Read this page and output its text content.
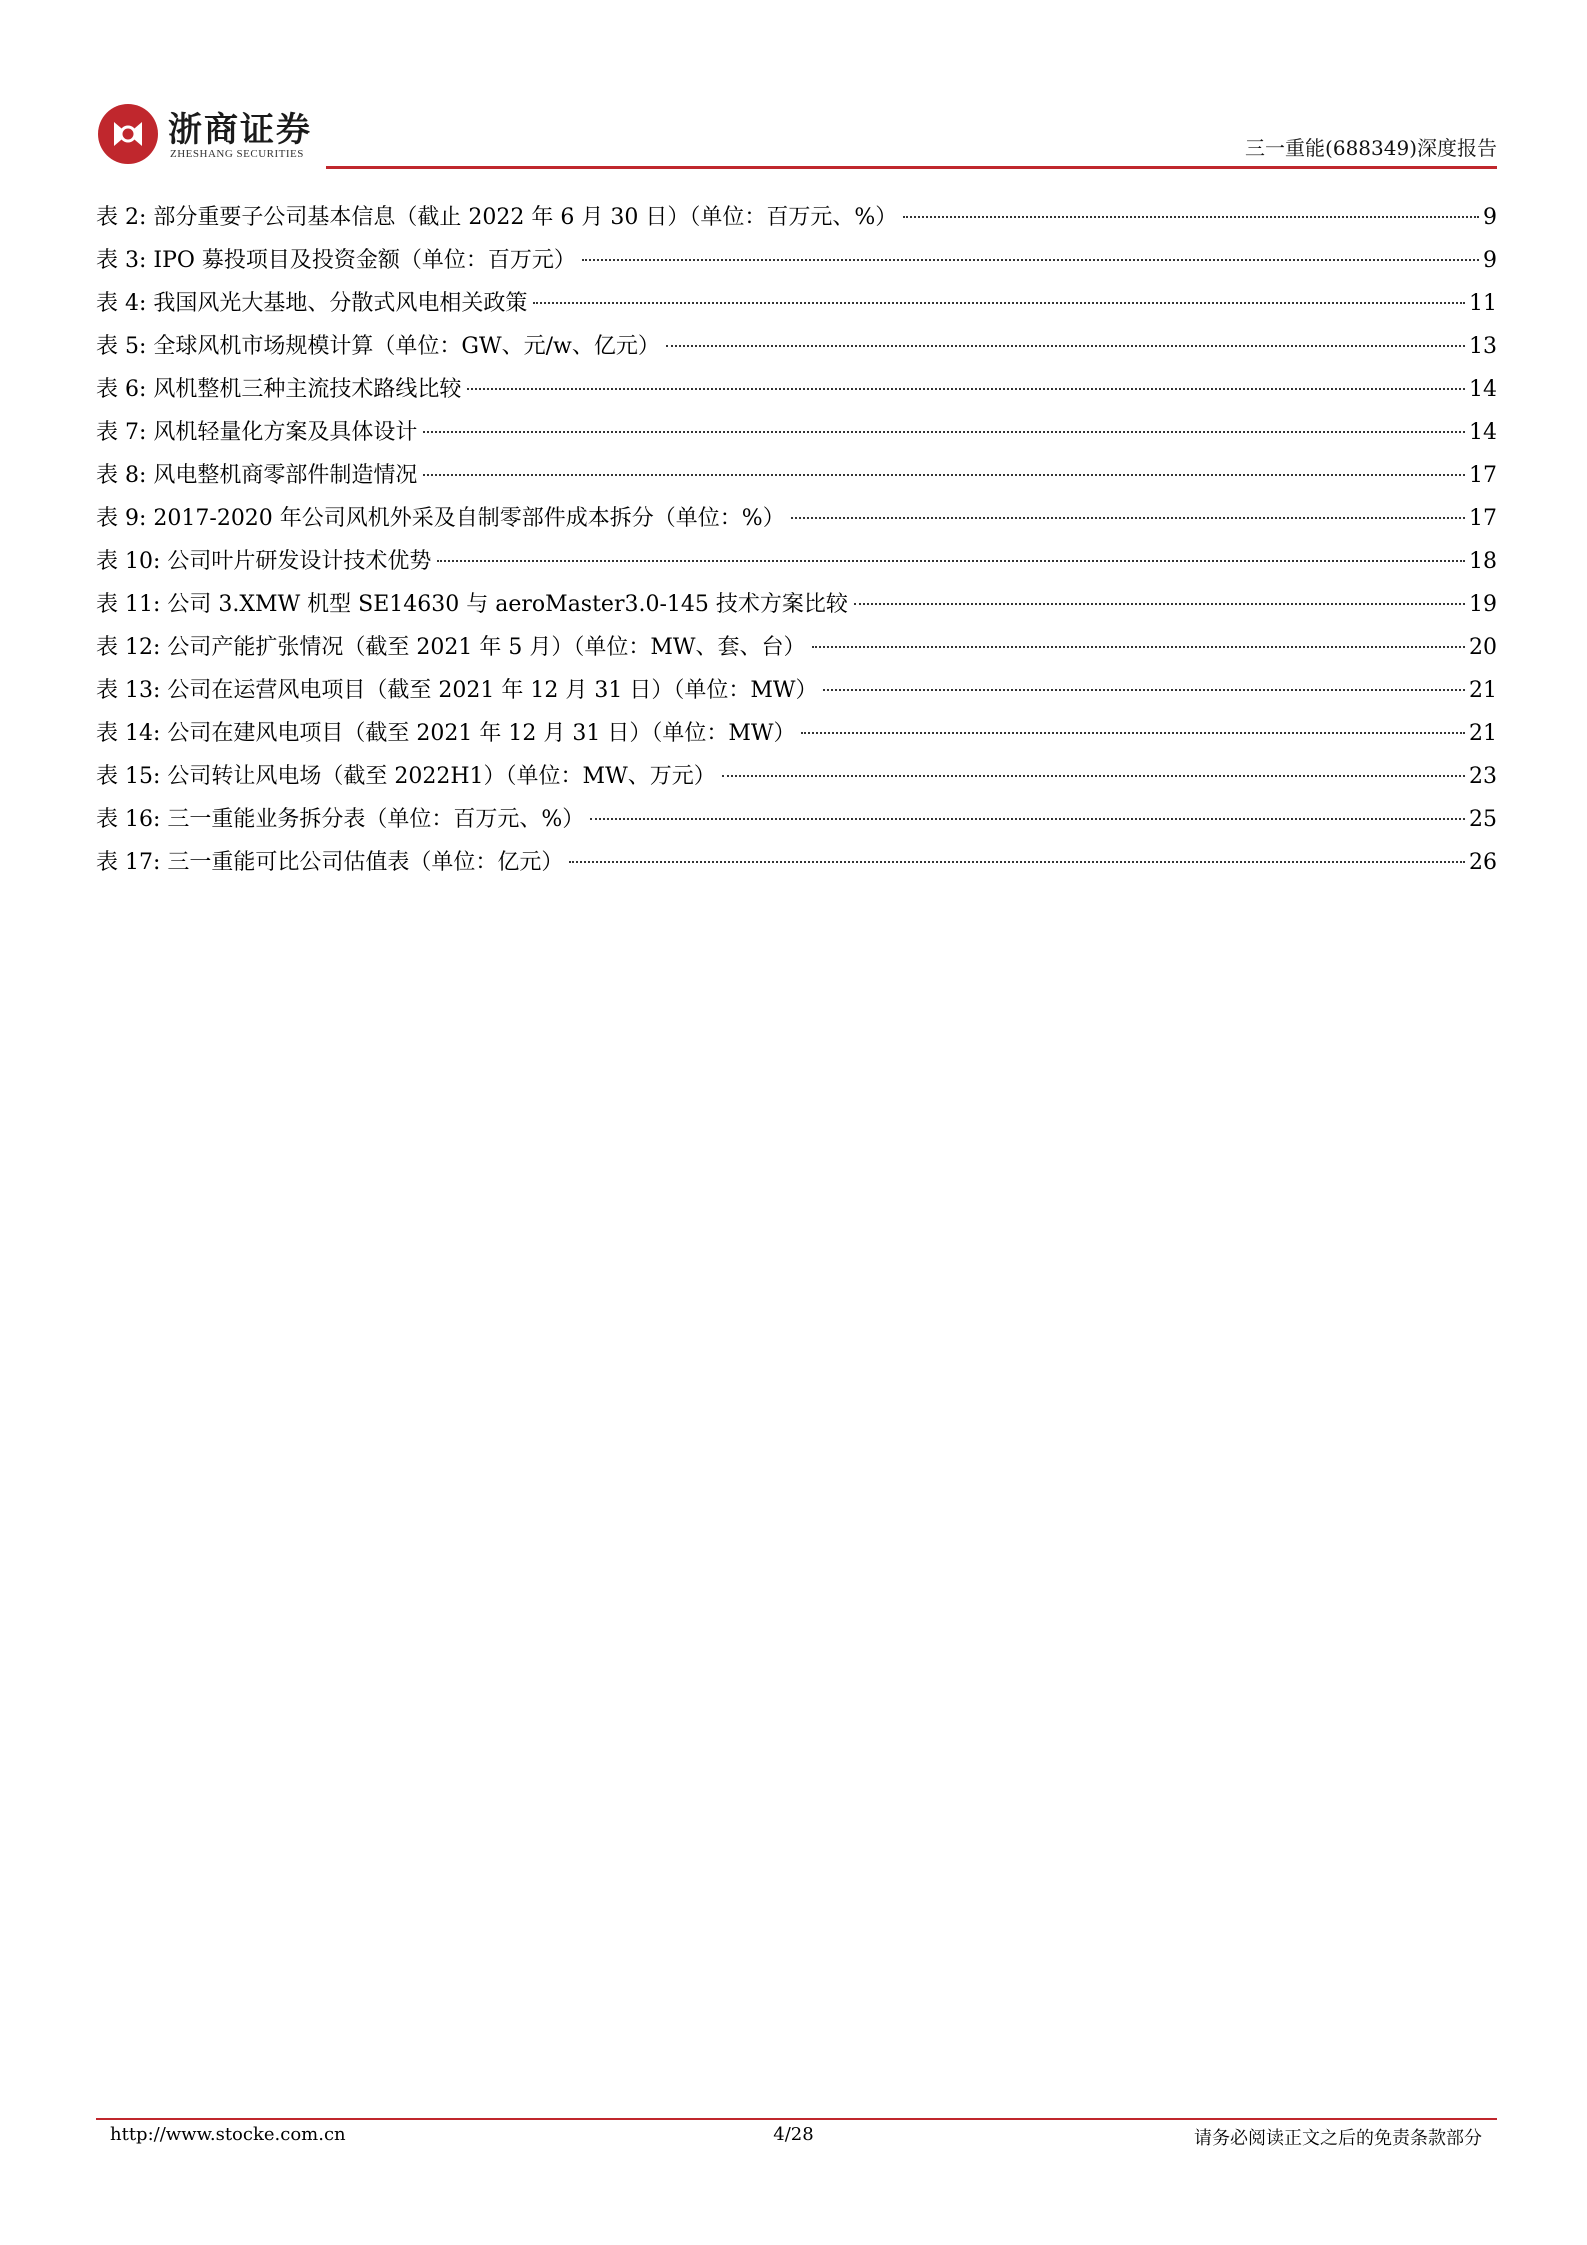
浙商证券
ZHESHANG SECURITIES	三一重能(688349)深度报告
表 2: 部分重要子公司基本信息（截止 2022 年 6 月 30 日）（单位：百万元、%）	9
表 3: IPO 募投项目及投资金额（单位：百万元）	9
表 4: 我国风光大基地、分散式风电相关政策	11
表 5: 全球风机市场规模计算（单位：GW、元/w、亿元）	13
表 6: 风机整机三种主流技术路线比较	14
表 7: 风机轻量化方案及具体设计	14
表 8: 风电整机商零部件制造情况	17
表 9: 2017-2020 年公司风机外采及自制零部件成本拆分（单位：%）	17
表 10: 公司叶片研发设计技术优势	18
表 11: 公司 3.XMW 机型 SE14630 与 aeroMaster3.0-145 技术方案比较	19
表 12: 公司产能扩张情况（截至 2021 年 5 月）（单位：MW、套、台）	20
表 13: 公司在运营风电项目（截至 2021 年 12 月 31 日）（单位：MW）	21
表 14: 公司在建风电项目（截至 2021 年 12 月 31 日）（单位：MW）	21
表 15: 公司转让风电场（截至 2022H1）（单位：MW、万元）	23
表 16: 三一重能业务拆分表（单位：百万元、%）	25
表 17: 三一重能可比公司估值表（单位：亿元）	26
http://www.stocke.com.cn	4/28	请务必阅读正文之后的免责条款部分
